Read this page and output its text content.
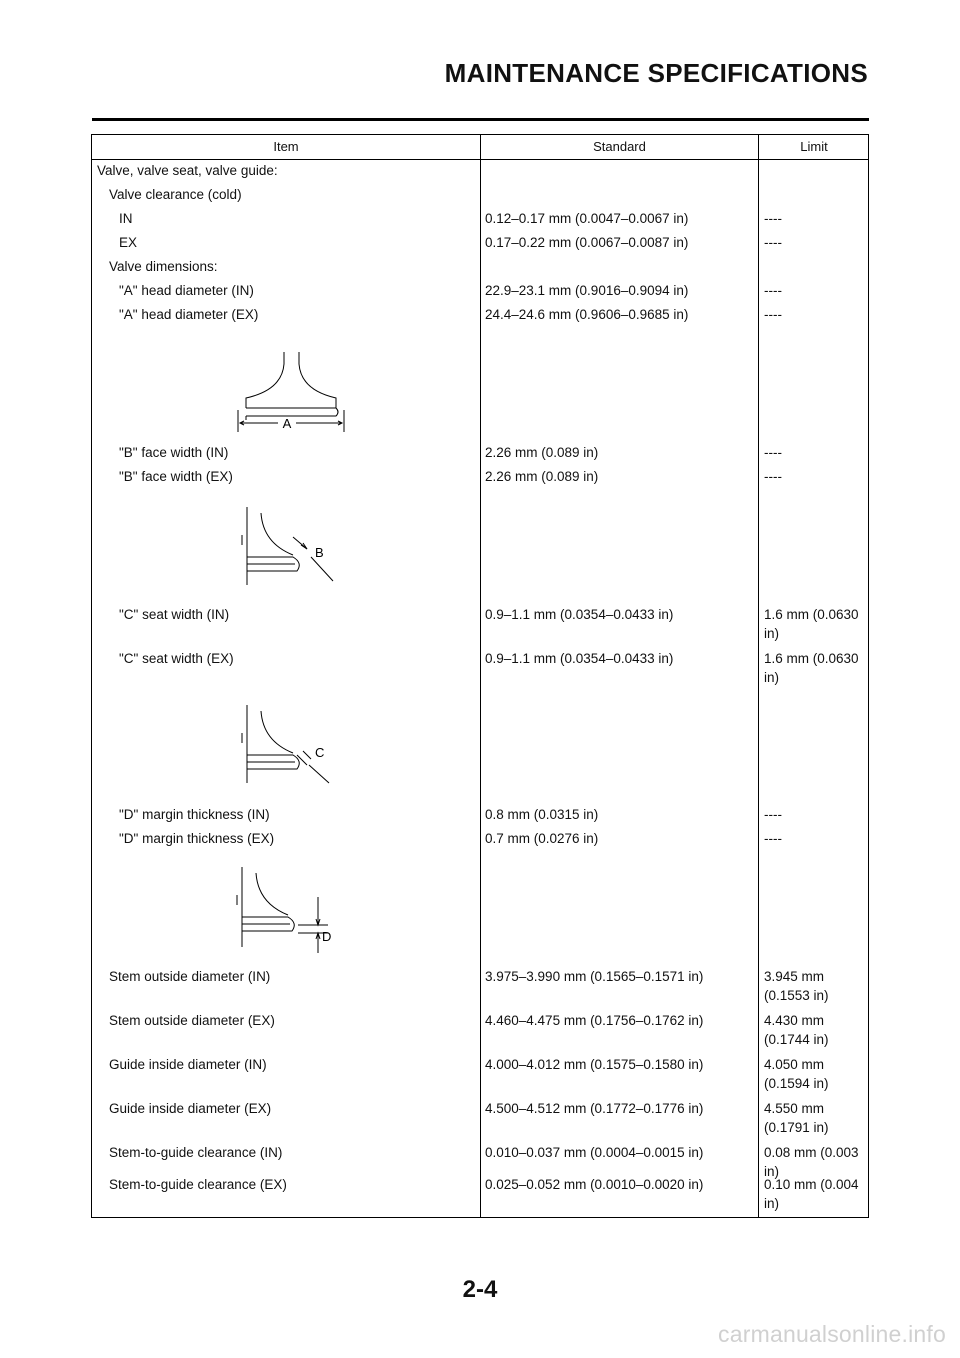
MAINTENANCE SPECIFICATIONS
Item	Standard	Limit
Valve, valve seat, valve guide:
Valve clearance (cold)
IN	0.12–0.17 mm (0.0047–0.0067 in)	----
EX	0.17–0.22 mm (0.0067–0.0087 in)	----
Valve dimensions:
"A" head diameter (IN)	22.9–23.1 mm (0.9016–0.9094 in)	----
"A" head diameter (EX)	24.4–24.6 mm (0.9606–0.9685 in)	----
A
"B" face width (IN)	2.26 mm (0.089 in)	----
"B" face width (EX)	2.26 mm (0.089 in)	----
B
"C" seat width (IN)	0.9–1.1 mm (0.0354–0.0433 in)	1.6 mm (0.0630 in)
"C" seat width (EX)	0.9–1.1 mm (0.0354–0.0433 in)	1.6 mm (0.0630 in)
C
"D" margin thickness (IN)	0.8 mm (0.0315 in)	----
"D" margin thickness (EX)	0.7 mm (0.0276 in)	----
D
Stem outside diameter (IN)	3.975–3.990 mm (0.1565–0.1571 in)	3.945 mm (0.1553 in)
Stem outside diameter (EX)	4.460–4.475 mm (0.1756–0.1762 in)	4.430 mm (0.1744 in)
Guide inside diameter (IN)	4.000–4.012 mm (0.1575–0.1580 in)	4.050 mm (0.1594 in)
Guide inside diameter (EX)	4.500–4.512 mm (0.1772–0.1776 in)	4.550 mm (0.1791 in)
Stem-to-guide clearance (IN)	0.010–0.037 mm (0.0004–0.0015 in)	0.08 mm (0.003 in)
Stem-to-guide clearance (EX)	0.025–0.052 mm (0.0010–0.0020 in)	0.10 mm (0.004 in)
2-4
carmanualsonline.info
